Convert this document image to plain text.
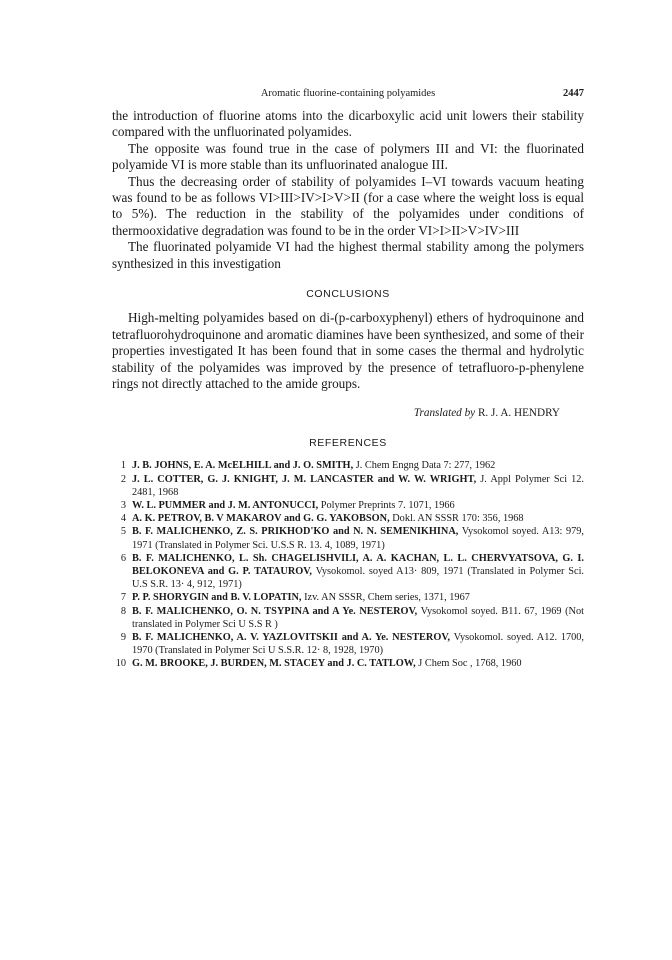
Aromatic fluorine-containing polyamides	2447

the introduction of fluorine atoms into the dicarboxylic acid unit lowers their stability compared with the unfluorinated polyamides.

The opposite was found true in the case of polymers III and VI: the fluorinated polyamide VI is more stable than its unfluorinated analogue III.

Thus the decreasing order of stability of polyamides I–VI towards vacuum heating was found to be as follows VI>III>IV>I>V>II (for a case where the weight loss is equal to 5%). The reduction in the stability of the polyamides under conditions of thermooxidative degradation was found to be in the order VI>I>II>V>IV>III

The fluorinated polyamide VI had the highest thermal stability among the polymers synthesized in this investigation

CONCLUSIONS

High-melting polyamides based on di-(p-carboxyphenyl) ethers of hydroquinone and tetrafluorohydroquinone and aromatic diamines have been synthesized, and some of their properties investigated It has been found that in some cases the thermal and hydrolytic stability of the polyamides was improved by the presence of tetrafluoro-p-phenylene rings not directly attached to the amide groups.

Translated by R. J. A. HENDRY
REFERENCES
1 J. B. JOHNS, E. A. McELHILL and J. O. SMITH, J. Chem Engng Data 7: 277, 1962
2 J. L. COTTER, G. J. KNIGHT, J. M. LANCASTER and W. W. WRIGHT, J. Appl Polymer Sci 12. 2481, 1968
3 W. L. PUMMER and J. M. ANTONUCCI, Polymer Preprints 7. 1071, 1966
4 A. K. PETROV, B. V MAKAROV and G. G. YAKOBSON, Dokl. AN SSSR 170: 356, 1968
5 B. F. MALICHENKO, Z. S. PRIKHOD'KO and N. N. SEMENIKHINA, Vysokomol soyed. A13: 979, 1971 (Translated in Polymer Sci. U.S.S R. 13. 4, 1089, 1971)
6 B. F. MALICHENKO, L. Sh. CHAGELISHVILI, A. A. KACHAN, L. L. CHERVYATSOVA, G. I. BELOKONEVA and G. P. TATAUROV, Vysokomol. soyed A13· 809, 1971 (Translated in Polymer Sci. U.S S.R. 13· 4, 912, 1971)
7 P. P. SHORYGIN and B. V. LOPATIN, Izv. AN SSSR, Chem series, 1371, 1967
8 B. F. MALICHENKO, O. N. TSYPINA and A Ye. NESTEROV, Vysokomol soyed. B11. 67, 1969 (Not translated in Polymer Sci U S.S R )
9 B. F. MALICHENKO, A. V. YAZLOVITSKII and A. Ye. NESTEROV, Vysokomol. soyed. A12. 1700, 1970 (Translated in Polymer Sci U S.S.R. 12· 8, 1928, 1970)
10 G. M. BROOKE, J. BURDEN, M. STACEY and J. C. TATLOW, J Chem Soc , 1768, 1960
